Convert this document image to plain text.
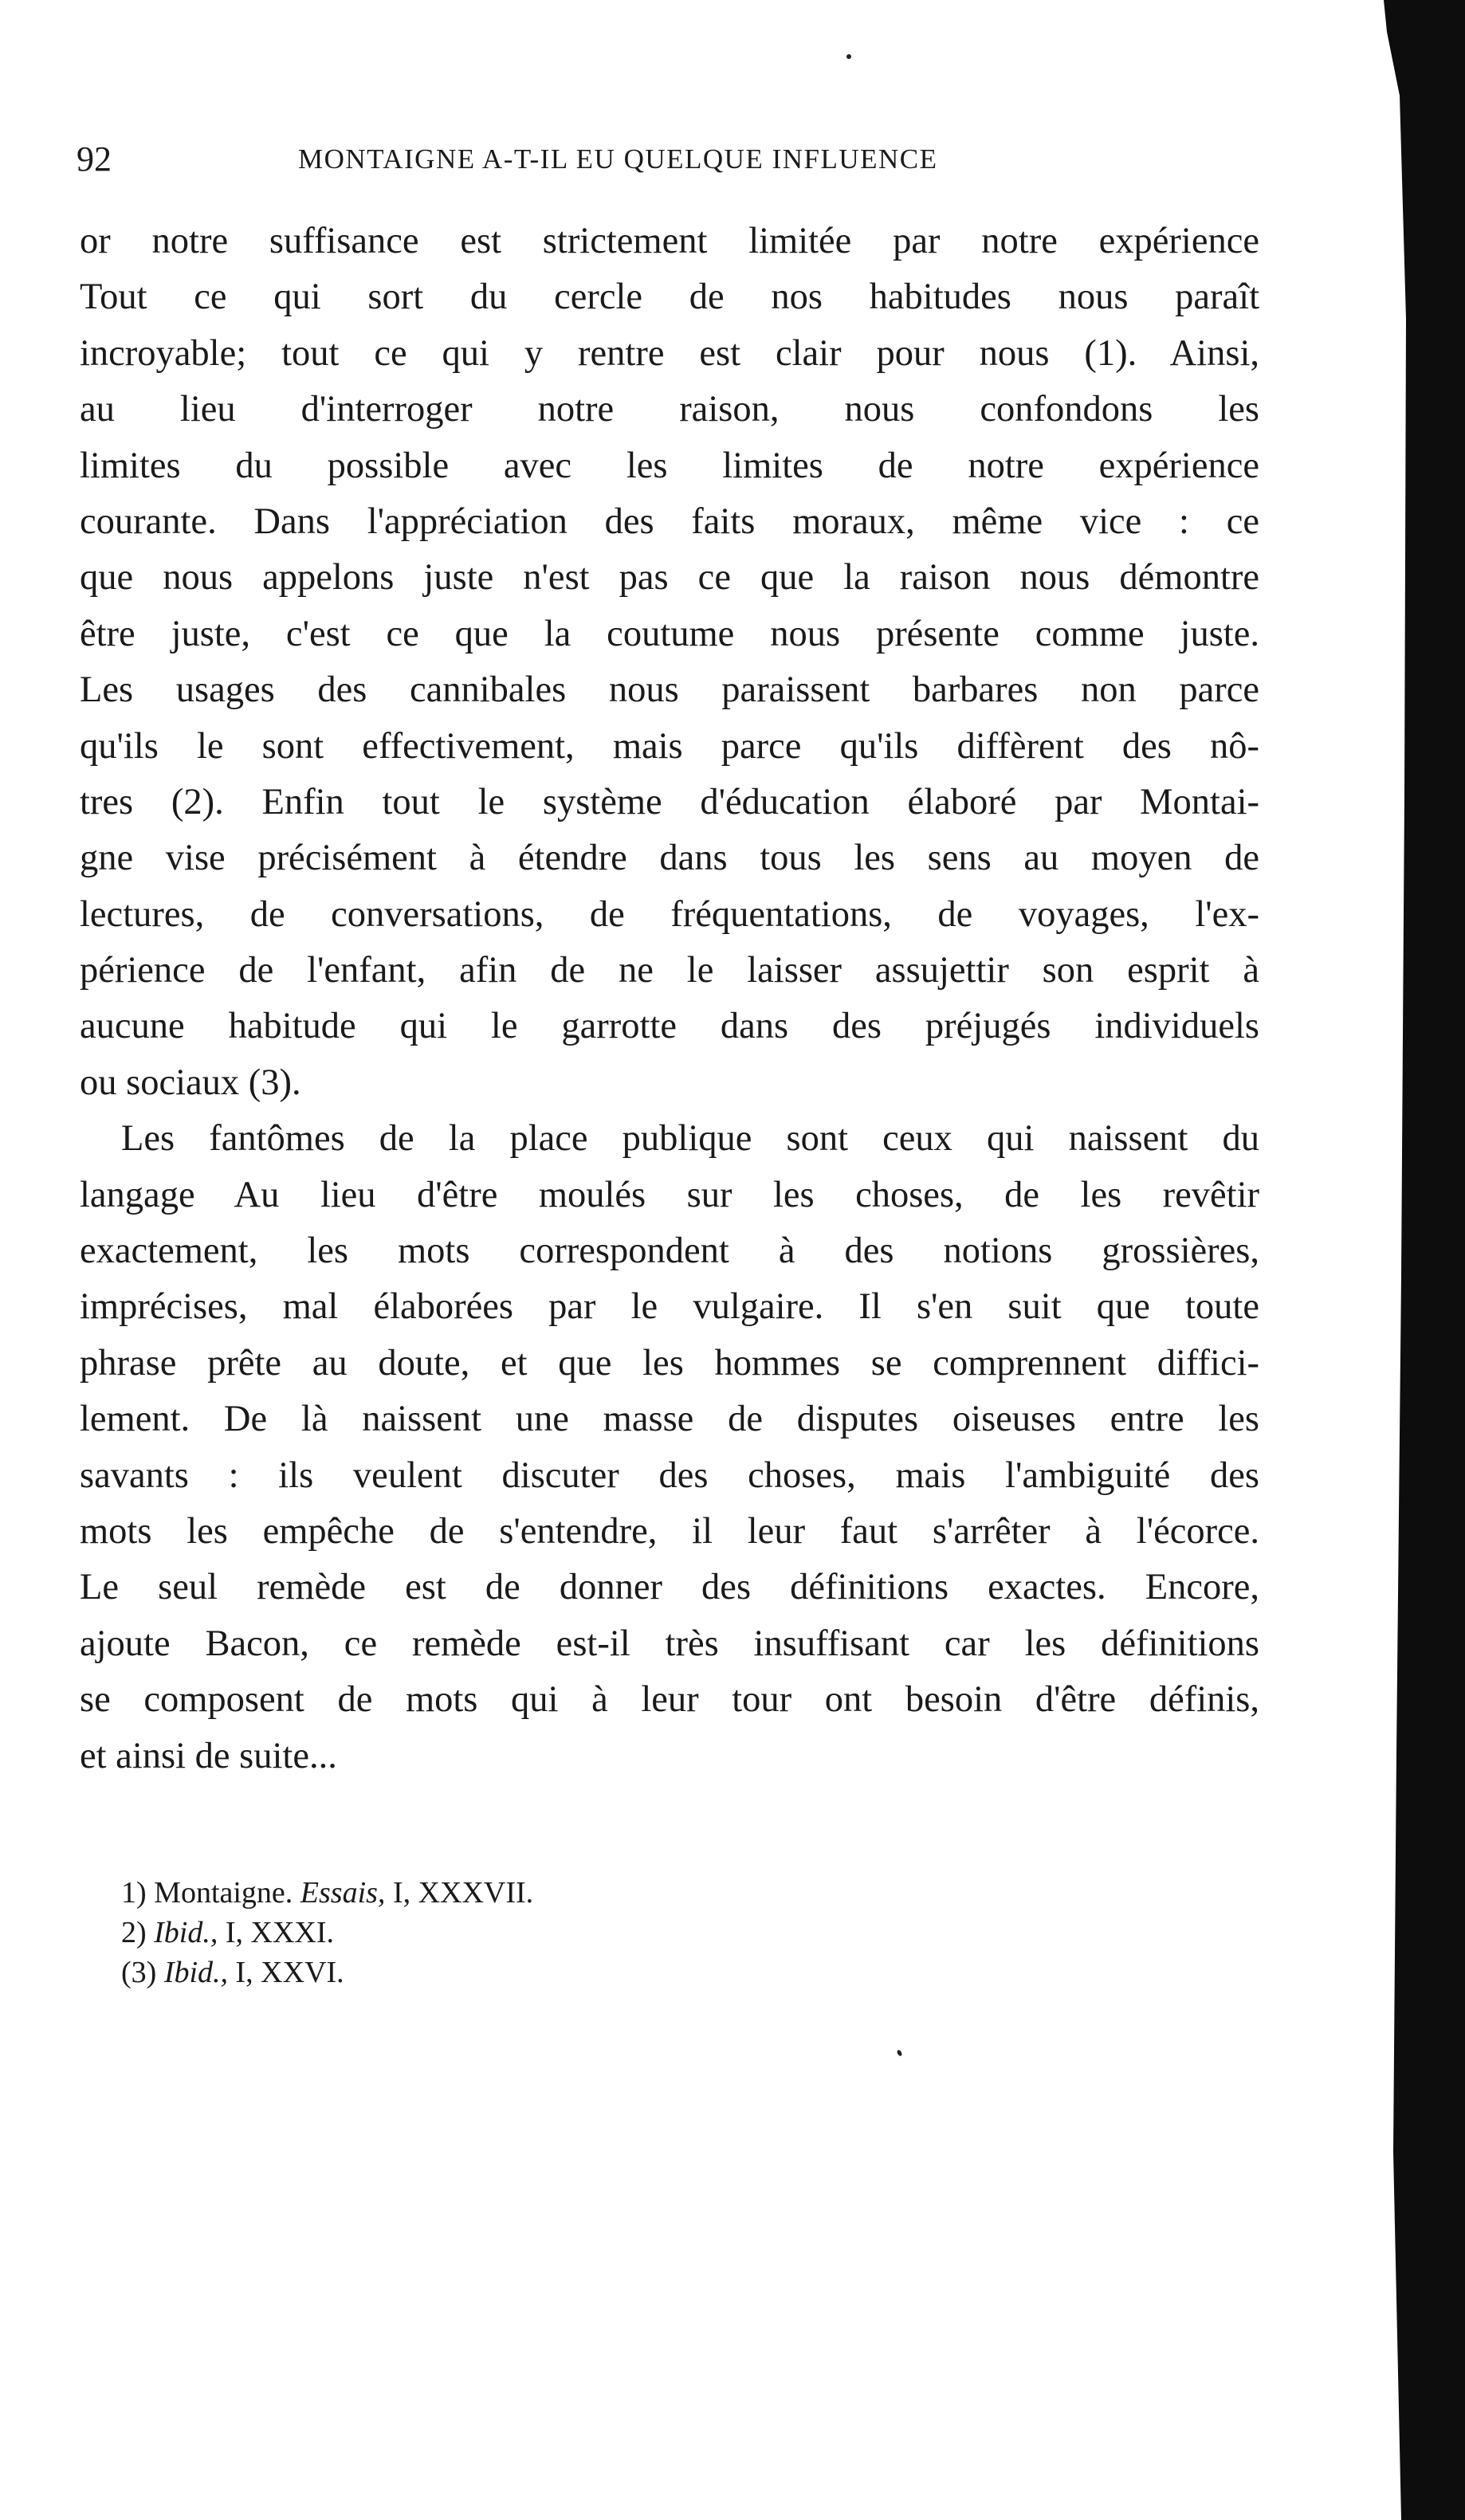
92	MONTAIGNE A-T-IL EU QUELQUE INFLUENCE
or notre suffisance est strictement limitée par notre expérience
Tout ce qui sort du cercle de nos habitudes nous paraît
incroyable; tout ce qui y rentre est clair pour nous (1). Ainsi,
au lieu d'interroger notre raison, nous confondons les
limites du possible avec les limites de notre expérience
courante. Dans l'appréciation des faits moraux, même vice : ce
que nous appelons juste n'est pas ce que la raison nous démontre
être juste, c'est ce que la coutume nous présente comme juste.
Les usages des cannibales nous paraissent barbares non parce
qu'ils le sont effectivement, mais parce qu'ils diffèrent des nô-
tres (2). Enfin tout le système d'éducation élaboré par Montai-
gne vise précisément à étendre dans tous les sens au moyen de
lectures, de conversations, de fréquentations, de voyages, l'ex-
périence de l'enfant, afin de ne le laisser assujettir son esprit à
aucune habitude qui le garrotte dans des préjugés individuels
ou sociaux (3).
Les fantômes de la place publique sont ceux qui naissent du
langage Au lieu d'être moulés sur les choses, de les revêtir
exactement, les mots correspondent à des notions grossières,
imprécises, mal élaborées par le vulgaire. Il s'en suit que toute
phrase prête au doute, et que les hommes se comprennent diffici-
lement. De là naissent une masse de disputes oiseuses entre les
savants : ils veulent discuter des choses, mais l'ambiguité des
mots les empêche de s'entendre, il leur faut s'arrêter à l'écorce.
Le seul remède est de donner des définitions exactes. Encore,
ajoute Bacon, ce remède est-il très insuffisant car les définitions
se composent de mots qui à leur tour ont besoin d'être définis,
et ainsi de suite...
1) Montaigne. Essais, I, XXXVII.
2) Ibid., I, XXXI.
(3) Ibid., I, XXVI.
